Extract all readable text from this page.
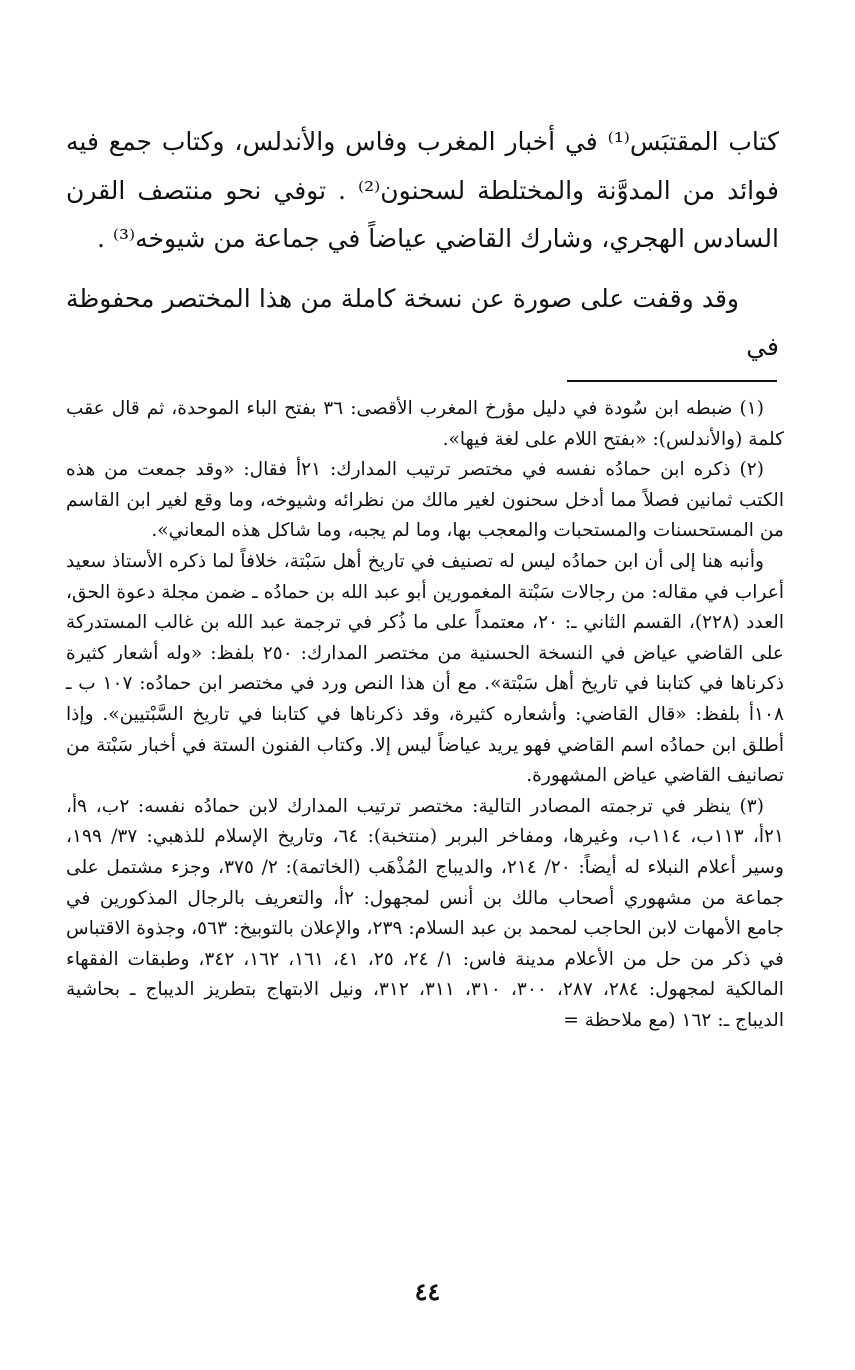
كتاب المقتبَس⁽¹⁾ في أخبار المغرب وفاس والأندلس، وكتاب جمع فيه فوائد من المدوَّنة والمختلطة لسحنون⁽²⁾ . توفي نحو منتصف القرن السادس الهجري، وشارك القاضي عياضاً في جماعة من شيوخه⁽³⁾ .

وقد وقفت على صورة عن نسخة كاملة من هذا المختصر محفوظة في

(١) ضبطه ابن سُودة في دليل مؤرخ المغرب الأقصى: ٣٦ بفتح الباء الموحدة، ثم قال عقب كلمة (والأندلس): «بفتح اللام على لغة فيها».

(٢) ذكره ابن حمادُه نفسه في مختصر ترتيب المدارك: ٢١أ فقال: «وقد جمعت من هذه الكتب ثمانين فصلاً مما أدخل سحنون لغير مالك من نظرائه وشيوخه، وما وقع لغير ابن القاسم من المستحسنات والمستحبات والمعجب بها، وما لم يجبه، وما شاكل هذه المعاني».

وأنبه هنا إلى أن ابن حمادُه ليس له تصنيف في تاريخ أهل سَبْتة، خلافاً لما ذكره الأستاذ سعيد أعراب في مقاله: من رجالات سَبْتة المغمورين أبو عبد الله بن حمادُه ـ ضمن مجلة دعوة الحق، العدد (٢٢٨)، القسم الثاني ـ: ٢٠، معتمداً على ما ذُكر في ترجمة عبد الله بن غالب المستدركة على القاضي عياض في النسخة الحسنية من مختصر المدارك: ٢٥٠ بلفظ: «وله أشعار كثيرة ذكرناها في كتابنا في تاريخ أهل سَبْتة». مع أن هذا النص ورد في مختصر ابن حمادُه: ١٠٧ ب ـ ١٠٨أ بلفظ: «قال القاضي: وأشعاره كثيرة، وقد ذكرناها في كتابنا في تاريخ السَّبْتيين». وإذا أطلق ابن حمادُه اسم القاضي فهو يريد عياضاً ليس إلا. وكتاب الفنون الستة في أخبار سَبْتة من تصانيف القاضي عياض المشهورة.

(٣) ينظر في ترجمته المصادر التالية: مختصر ترتيب المدارك لابن حمادُه نفسه: ٢ب، ٩أ، ٢١أ، ١١٣ب، ١١٤ب، وغيرها، ومفاخر البربر (منتخبة): ٦٤، وتاريخ الإسلام للذهبي: ٣٧/ ١٩٩، وسير أعلام النبلاء له أيضاً: ٢٠/ ٢١٤، والديباج المُذْهَب (الخاتمة): ٢/ ٣٧٥، وجزء مشتمل على جماعة من مشهوري أصحاب مالك بن أنس لمجهول: ٢أ، والتعريف بالرجال المذكورين في جامع الأمهات لابن الحاجب لمحمد بن عبد السلام: ٢٣٩، والإعلان بالتوبيخ: ٥٦٣، وجذوة الاقتباس في ذكر من حل من الأعلام مدينة فاس: ١/ ٢٤، ٢٥، ٤١، ١٦١، ١٦٢، ٣٤٢، وطبقات الفقهاء المالكية لمجهول: ٢٨٤، ٢٨٧، ٣٠٠، ٣١٠، ٣١١، ٣١٢، ونيل الابتهاج بتطريز الديباج ـ بحاشية الديباج ـ: ١٦٢ (مع ملاحظة =

٤٤
